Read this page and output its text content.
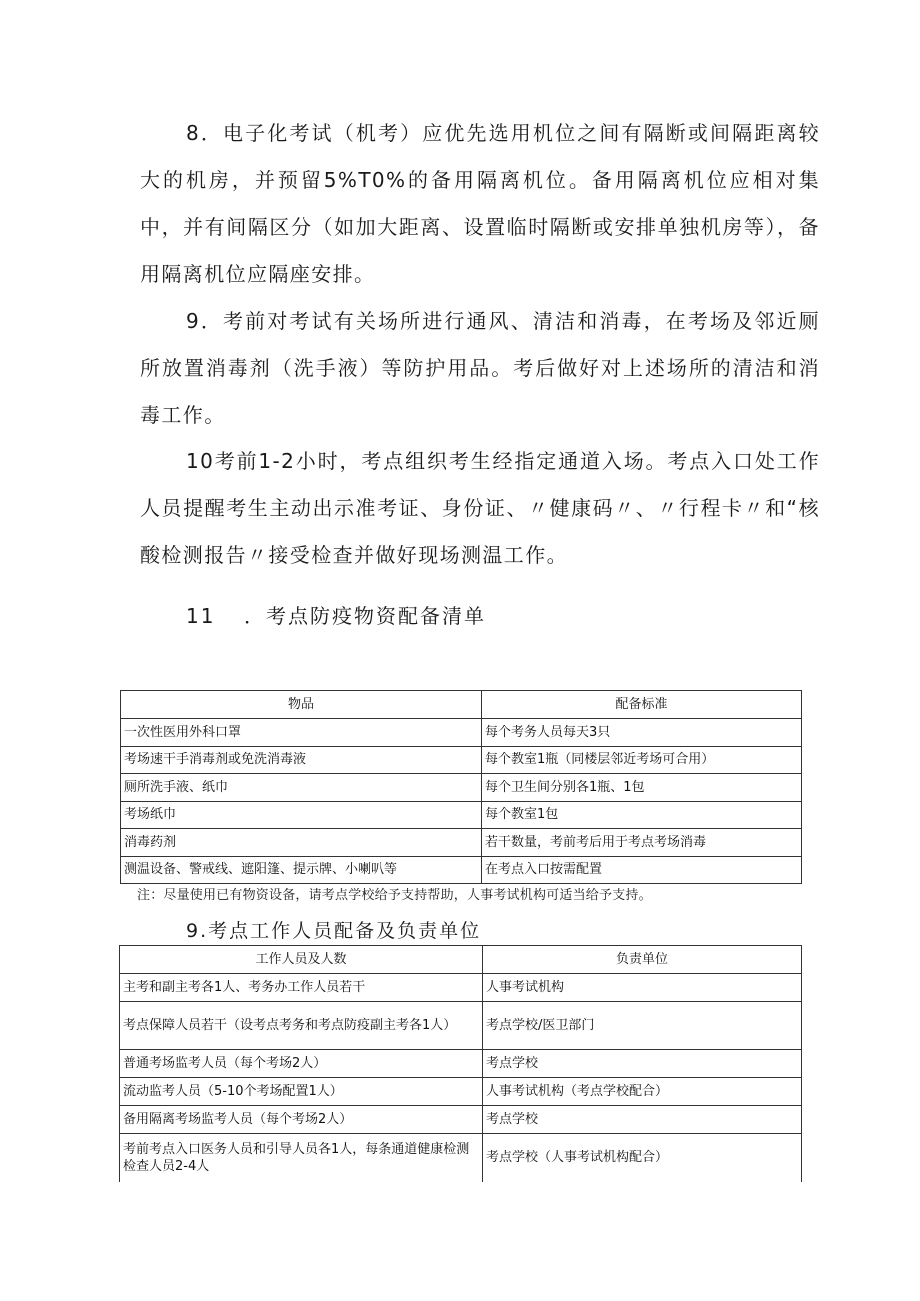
8．电子化考试（机考）应优先选用机位之间有隔断或间隔距离较大的机房，并预留5%T0%的备用隔离机位。备用隔离机位应相对集中，并有间隔区分（如加大距离、设置临时隔断或安排单独机房等），备用隔离机位应隔座安排。

9．考前对考试有关场所进行通风、清洁和消毒，在考场及邻近厕所放置消毒剂（洗手液）等防护用品。考后做好对上述场所的清洁和消毒工作。

10考前1-2小时，考点组织考生经指定通道入场。考点入口处工作人员提醒考生主动出示准考证、身份证、〃健康码〃、〃行程卡〃和“核酸检测报告〃接受检查并做好现场测温工作。

11 ．考点防疫物资配备清单

物品	配备标准
一次性医用外科口罩	每个考务人员每天3只
考场速干手消毒剂或免洗消毒液	每个教室1瓶（同楼层邻近考场可合用）
厕所洗手液、纸巾	每个卫生间分别各1瓶、1包
考场纸巾	每个教室1包
消毒药剂	若干数量，考前考后用于考点考场消毒
测温设备、警戒线、遮阳篷、提示牌、小喇叭等	在考点入口按需配置

注：尽量使用已有物资设备，请考点学校给予支持帮助，人事考试机构可适当给予支持。

9.考点工作人员配备及负责单位

工作人员及人数	负责单位
主考和副主考各1人、考务办工作人员若干	人事考试机构
考点保障人员若干（设考点考务和考点防疫副主考各1人）	考点学校/医卫部门
普通考场监考人员（每个考场2人）	考点学校
流动监考人员（5-10个考场配置1人）	人事考试机构（考点学校配合）
备用隔离考场监考人员（每个考场2人）	考点学校
考前考点入口医务人员和引导人员各1人，每条通道健康检测检查人员2-4人	考点学校（人事考试机构配合）
